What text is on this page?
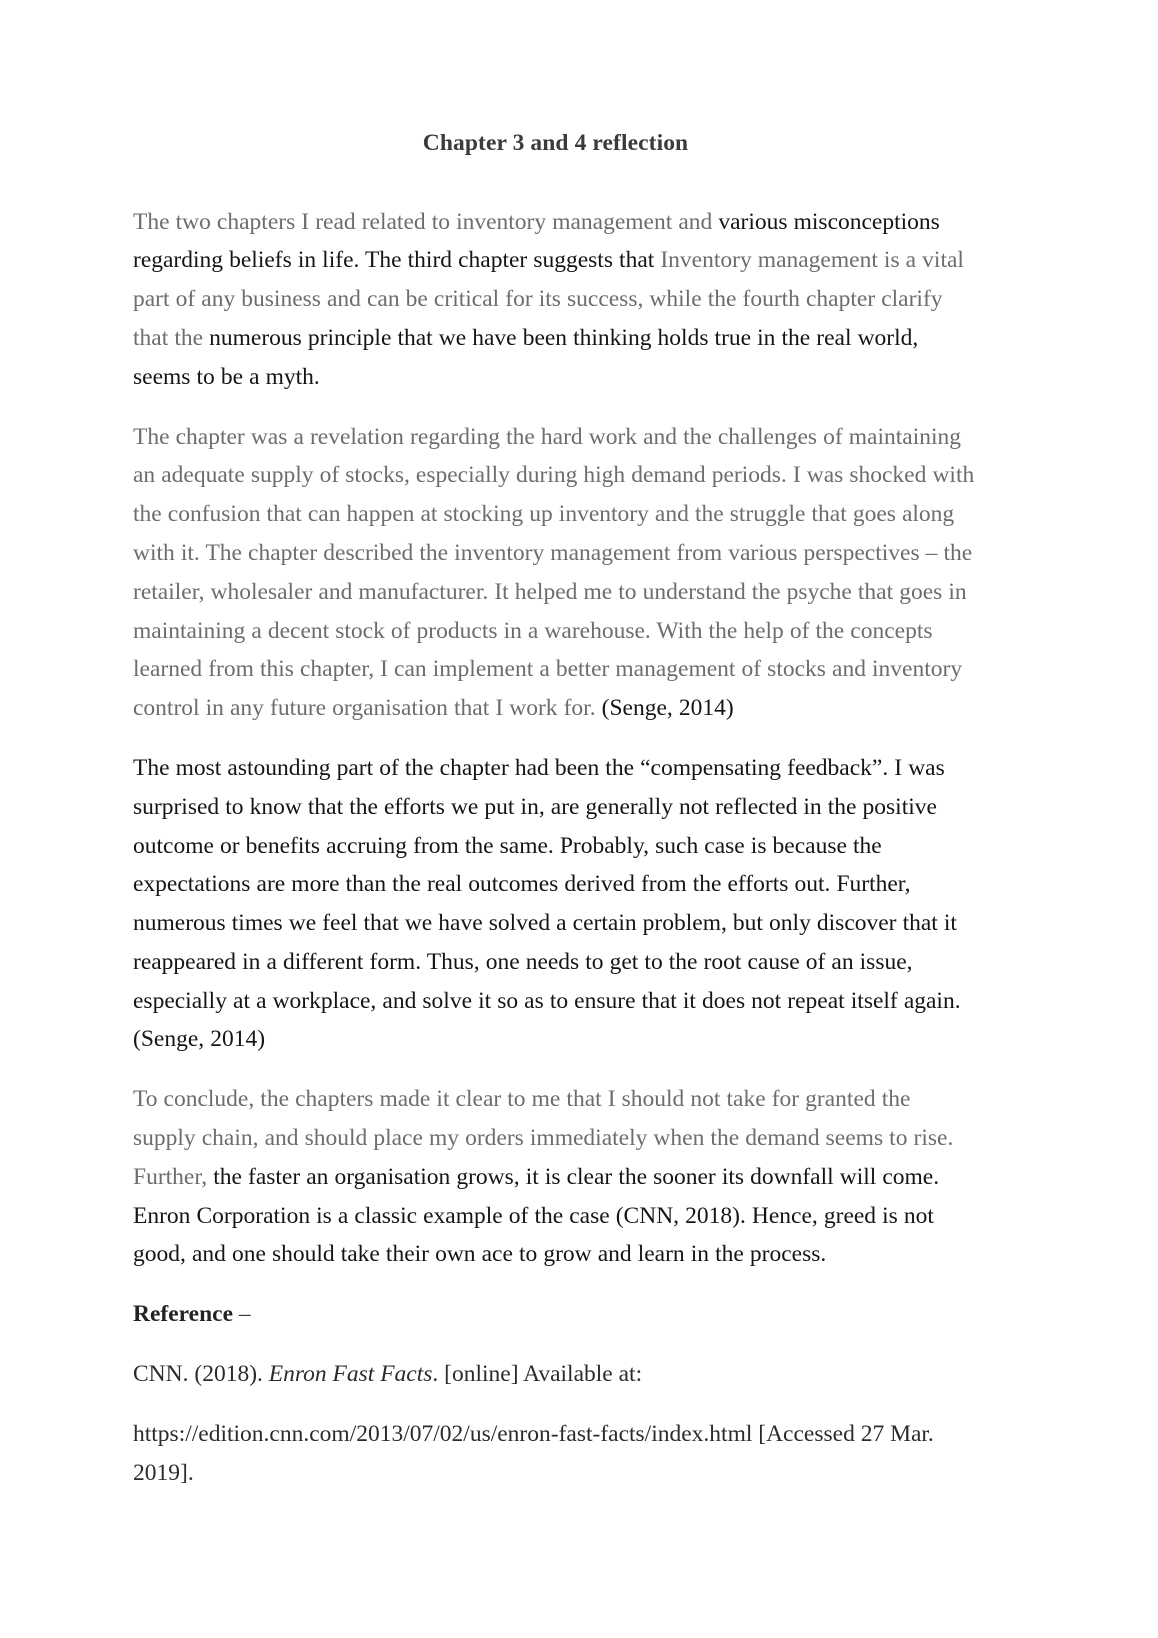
Chapter 3 and 4 reflection

The two chapters I read related to inventory management and various misconceptions regarding beliefs in life. The third chapter suggests that Inventory management is a vital part of any business and can be critical for its success, while the fourth chapter clarify that the numerous principle that we have been thinking holds true in the real world, seems to be a myth.

The chapter was a revelation regarding the hard work and the challenges of maintaining an adequate supply of stocks, especially during high demand periods. I was shocked with the confusion that can happen at stocking up inventory and the struggle that goes along with it. The chapter described the inventory management from various perspectives – the retailer, wholesaler and manufacturer. It helped me to understand the psyche that goes in maintaining a decent stock of products in a warehouse. With the help of the concepts learned from this chapter, I can implement a better management of stocks and inventory control in any future organisation that I work for. (Senge, 2014)

The most astounding part of the chapter had been the “compensating feedback”. I was surprised to know that the efforts we put in, are generally not reflected in the positive outcome or benefits accruing from the same. Probably, such case is because the expectations are more than the real outcomes derived from the efforts out. Further, numerous times we feel that we have solved a certain problem, but only discover that it reappeared in a different form. Thus, one needs to get to the root cause of an issue, especially at a workplace, and solve it so as to ensure that it does not repeat itself again. (Senge, 2014)

To conclude, the chapters made it clear to me that I should not take for granted the supply chain, and should place my orders immediately when the demand seems to rise. Further, the faster an organisation grows, it is clear the sooner its downfall will come. Enron Corporation is a classic example of the case (CNN, 2018). Hence, greed is not good, and one should take their own ace to grow and learn in the process.

Reference –

CNN. (2018). Enron Fast Facts. [online] Available at:

https://edition.cnn.com/2013/07/02/us/enron-fast-facts/index.html [Accessed 27 Mar. 2019].
